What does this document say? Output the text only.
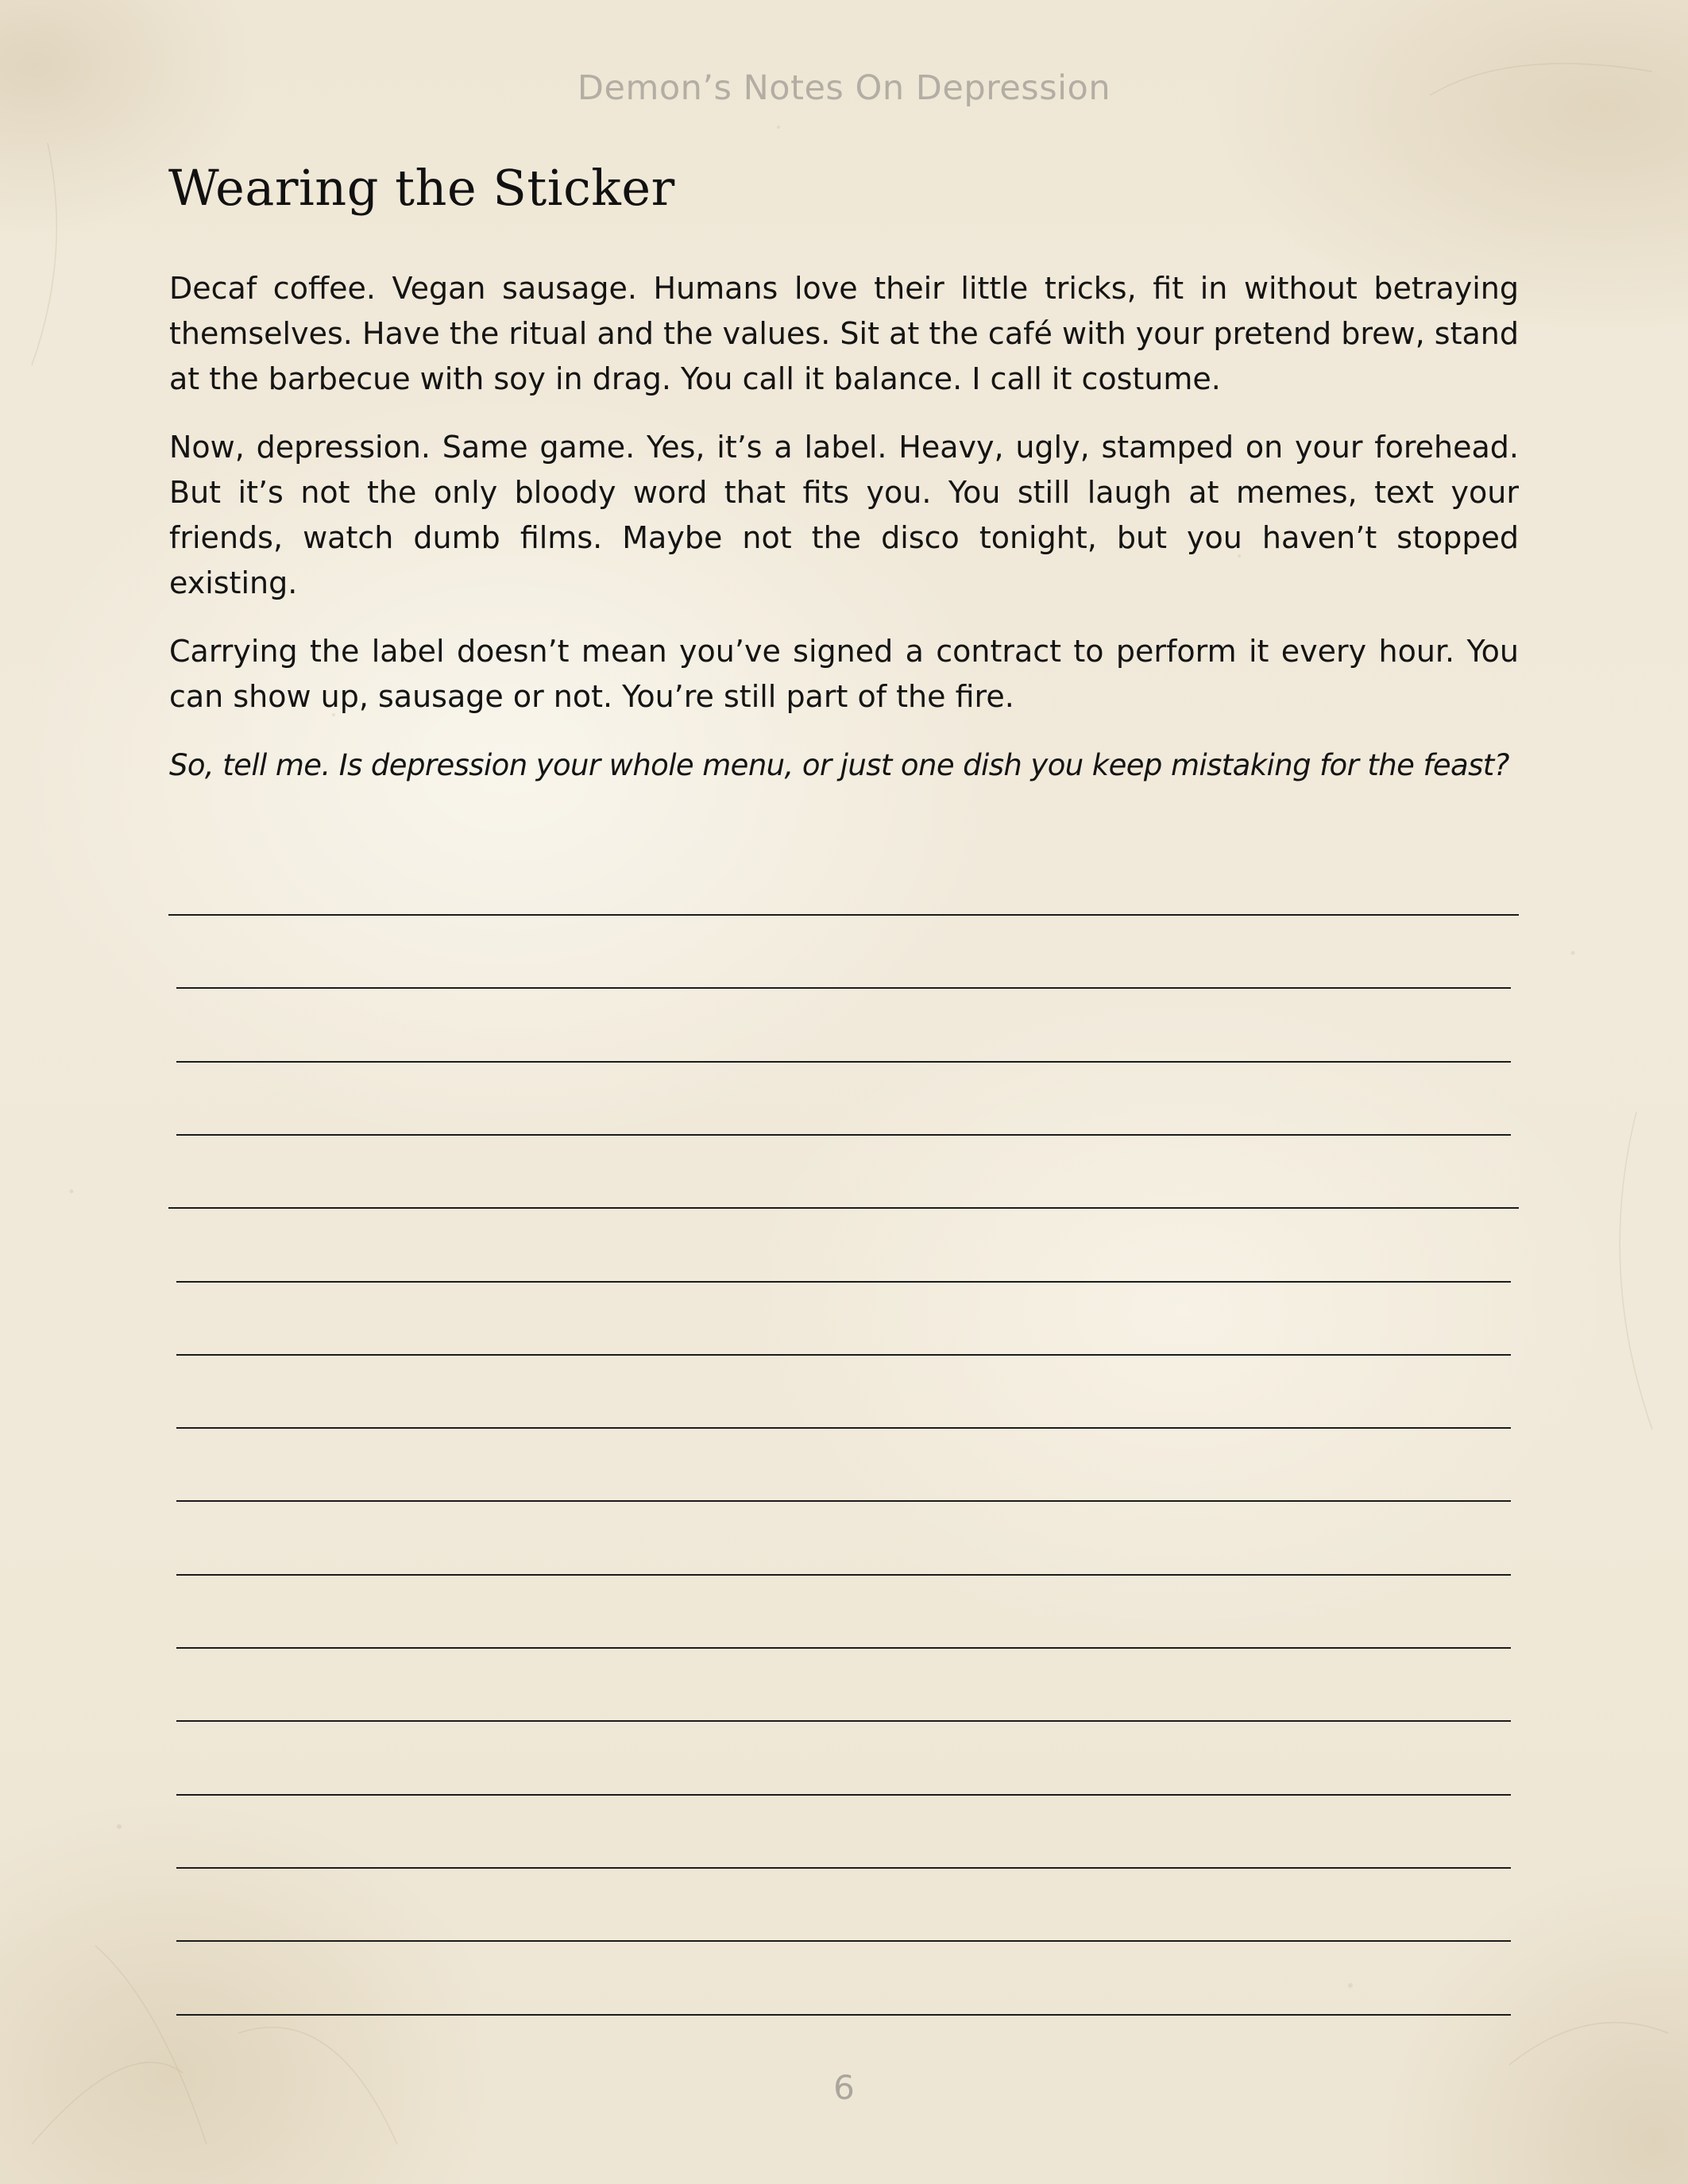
Demon’s Notes On Depression
Wearing the Sticker

Decaf coffee. Vegan sausage. Humans love their little tricks, fit in without betraying themselves. Have the ritual and the values. Sit at the café with your pretend brew, stand at the barbecue with soy in drag. You call it balance. I call it costume.

Now, depression. Same game. Yes, it’s a label. Heavy, ugly, stamped on your forehead. But it’s not the only bloody word that fits you. You still laugh at memes, text your friends, watch dumb films. Maybe not the disco tonight, but you haven’t stopped existing.

Carrying the label doesn’t mean you’ve signed a contract to perform it every hour. You can show up, sausage or not. You’re still part of the fire.

So, tell me. Is depression your whole menu, or just one dish you keep mistaking for the feast?

6
